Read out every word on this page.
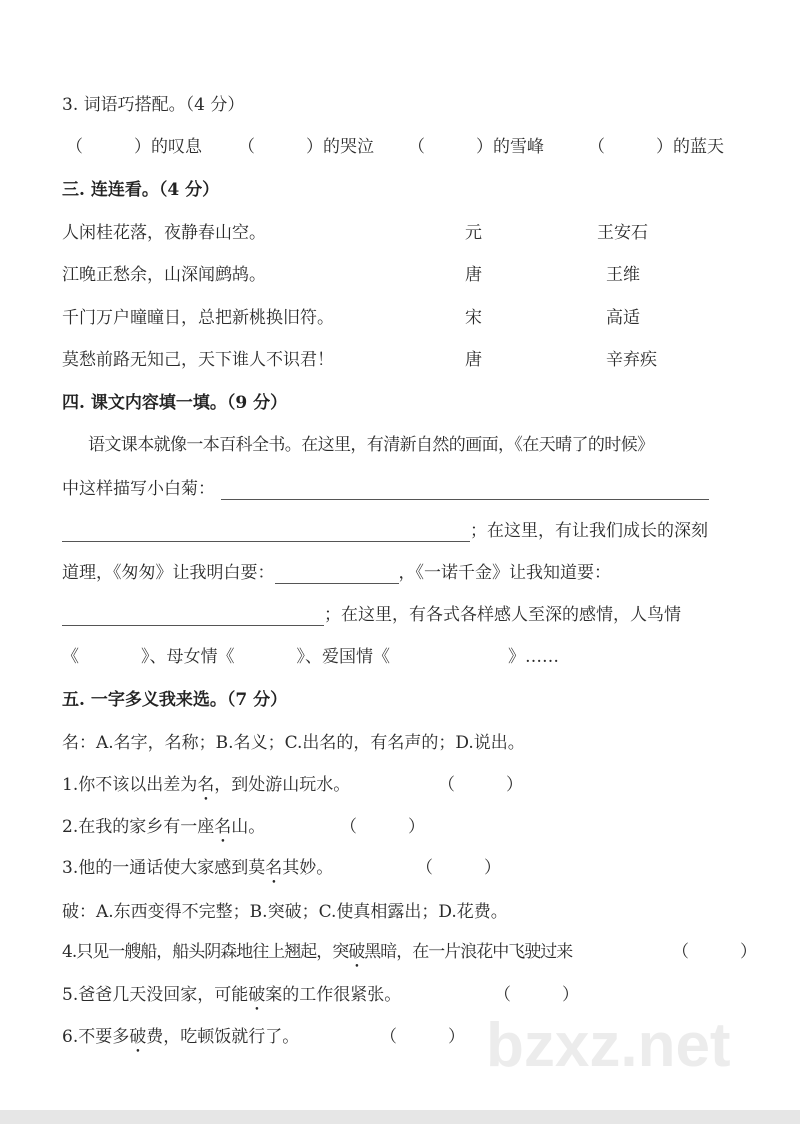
bzxz.net
3. 词语巧搭配。（4 分）
（　　　）的叹息 （　　　）的哭泣 （　　　）的雪峰	（　　　）的蓝天
三. 连连看。（4 分）
人闲桂花落，夜静春山空。	元	王安石
江晚正愁余，山深闻鹧鸪。	唐	王维
千门万户曈曈日，总把新桃换旧符。	宋	高适
莫愁前路无知己，天下谁人不识君！	唐	辛弃疾
四. 课文内容填一填。（9 分）
语文课本就像一本百科全书。在这里，有清新自然的画面，《在天晴了的时候》
中这样描写小白菊：
；在这里，有让我们成长的深刻
道理，《匆匆》让我明白要：	，《一诺千金》让我知道要：
；在这里，有各式各样感人至深的感情，人鸟情
《	》、母女情《	》、爱国情《	》……
五. 一字多义我来选。（7 分）
名：A.名字，名称；B.名义；C.出名的，有名声的；D.说出。
1.你不该以出差为名，到处游山玩水。	（　　　）
2.在我的家乡有一座名山。	（　　　）
3.他的一通话使大家感到莫名其妙。	（　　　）
破：A.东西变得不完整；B.突破；C.使真相露出；D.花费。
4.只见一艘船，船头阴森地往上翘起，突破黑暗，在一片浪花中飞驶过来	（　　　）
5.爸爸几天没回家，可能破案的工作很紧张。	（　　　）
6.不要多破费，吃顿饭就行了。	（　　　）
